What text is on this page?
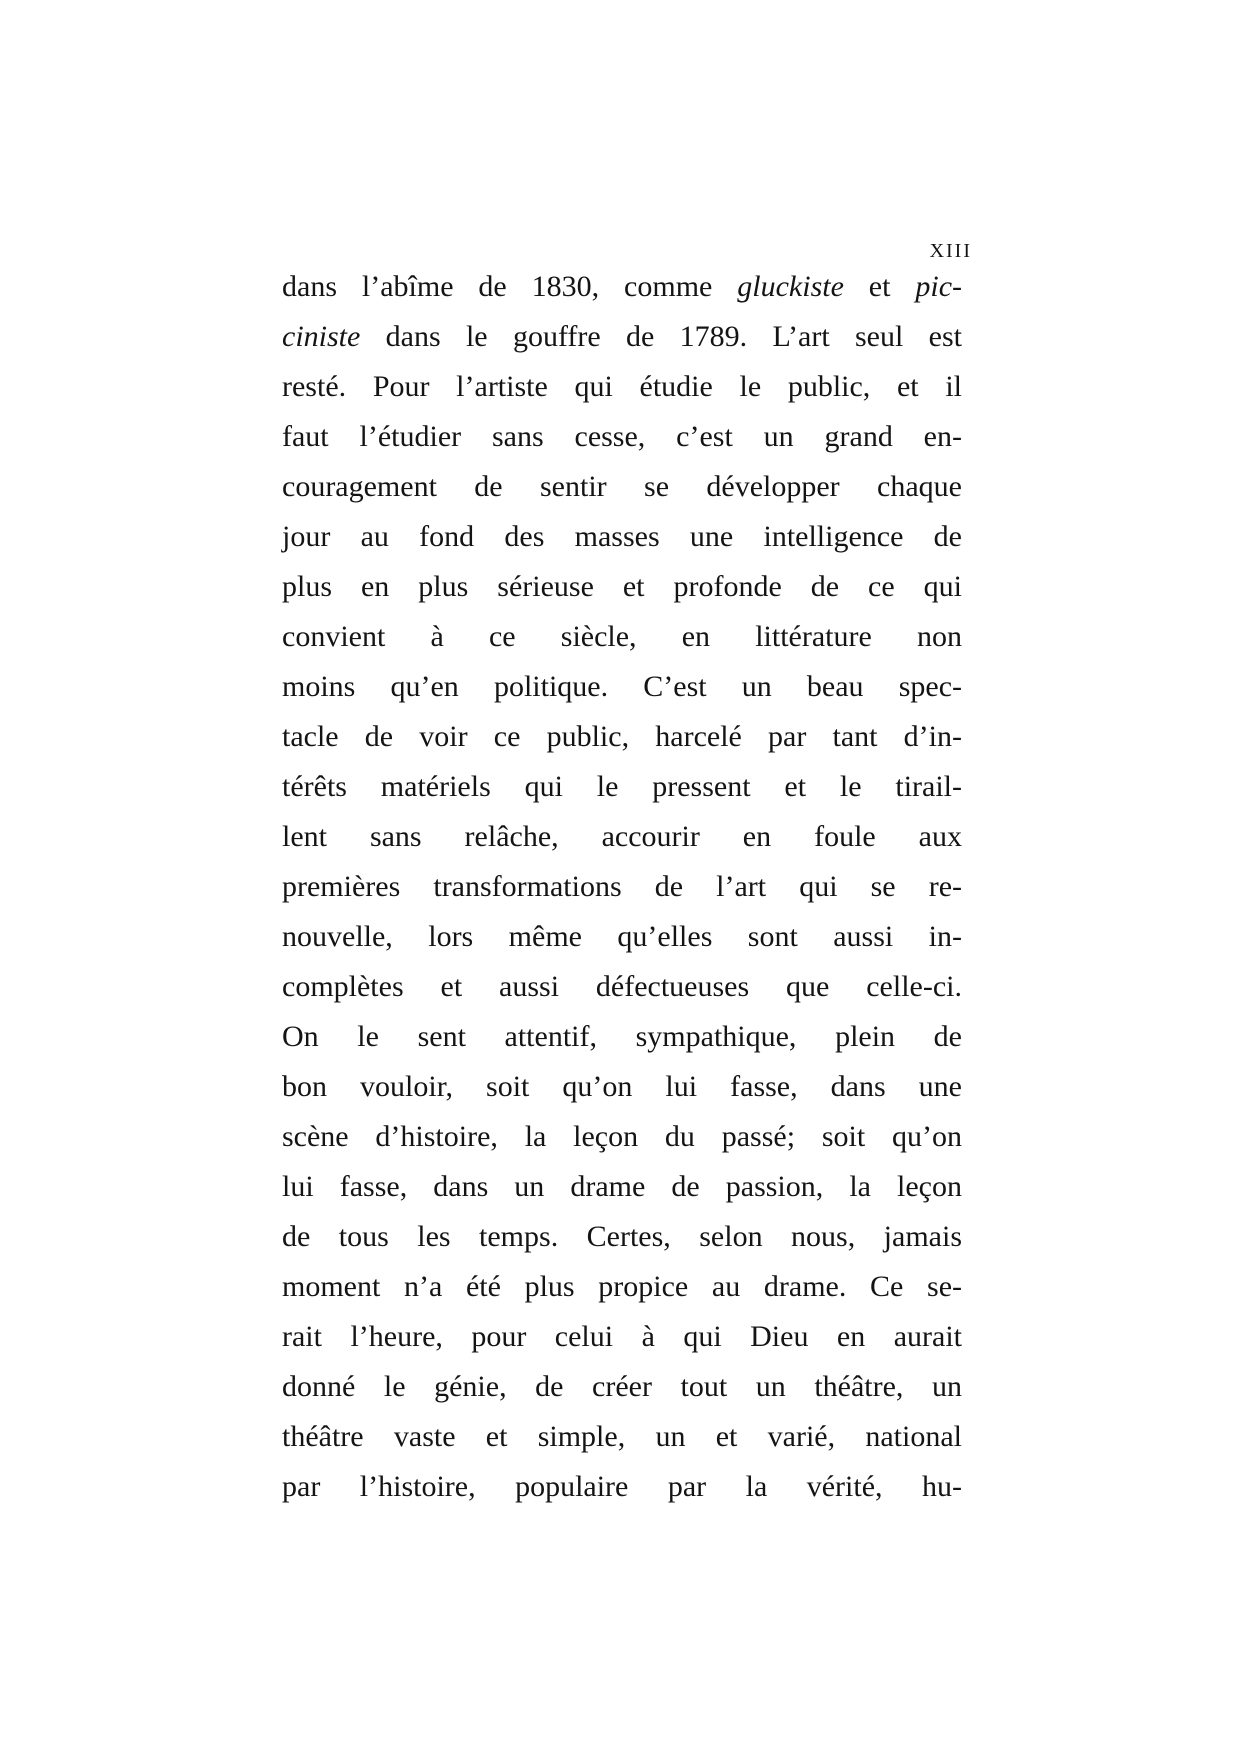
XIII
dans l’abîme de 1830, comme gluckiste et pic-
ciniste dans le gouffre de 1789. L’art seul est
resté. Pour l’artiste qui étudie le public, et il
faut l’étudier sans cesse, c’est un grand en-
couragement de sentir se développer chaque
jour au fond des masses une intelligence de
plus en plus sérieuse et profonde de ce qui
convient à ce siècle, en littérature non
moins qu’en politique. C’est un beau spec-
tacle de voir ce public, harcelé par tant d’in-
térêts matériels qui le pressent et le tirail-
lent sans relâche, accourir en foule aux
premières transformations de l’art qui se re-
nouvelle, lors même qu’elles sont aussi in-
complètes et aussi défectueuses que celle-ci.
On le sent attentif, sympathique, plein de
bon vouloir, soit qu’on lui fasse, dans une
scène d’histoire, la leçon du passé; soit qu’on
lui fasse, dans un drame de passion, la leçon
de tous les temps. Certes, selon nous, jamais
moment n’a été plus propice au drame. Ce se-
rait l’heure, pour celui à qui Dieu en aurait
donné le génie, de créer tout un théâtre, un
théâtre vaste et simple, un et varié, national
par l’histoire, populaire par la vérité, hu-
